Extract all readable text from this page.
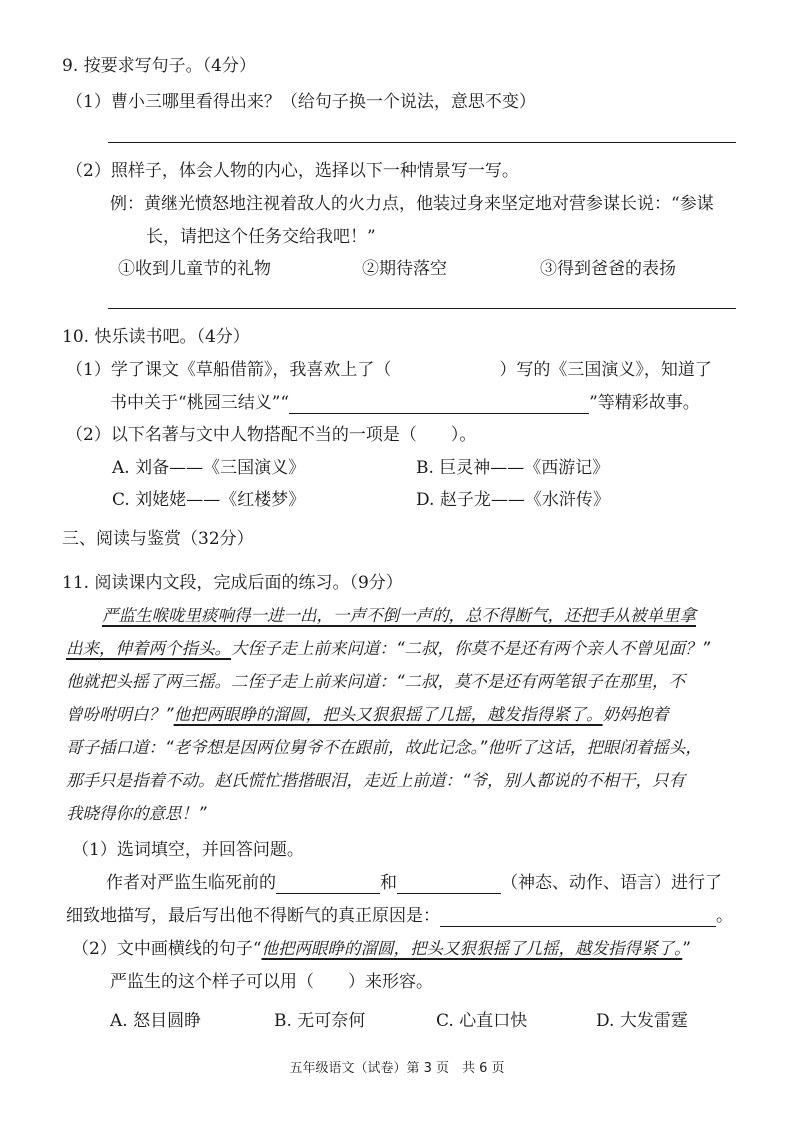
9. 按要求写句子。（4分）
（1）曹小三哪里看得出来？（给句子换一个说法，意思不变）
（2）照样子，体会人物的内心，选择以下一种情景写一写。
例：黄继光愤怒地注视着敌人的火力点，他装过身来坚定地对营参谋长说：“参谋
长，请把这个任务交给我吧！”
①收到儿童节的礼物	②期待落空	③得到爸爸的表扬
10. 快乐读书吧。（4分）
（1）学了课文《草船借箭》，我喜欢上了（	）写的《三国演义》，知道了
书中关于“桃园三结义”“	”等精彩故事。
（2）以下名著与文中人物搭配不当的一项是（　　）。
A. 刘备——《三国演义》	B. 巨灵神——《西游记》
C. 刘姥姥——《红楼梦》	D. 赵子龙——《水浒传》
三、阅读与鉴赏（32分）
11. 阅读课内文段，完成后面的练习。（9分）
严监生喉咙里痰响得一进一出，一声不倒一声的，总不得断气，还把手从被单里拿
出来，伸着两个指头。大侄子走上前来问道：“二叔，你莫不是还有两个亲人不曾见面？”
他就把头摇了两三摇。二侄子走上前来问道：“二叔，莫不是还有两笔银子在那里，不
曾吩咐明白？”他把两眼睁的溜圆，把头又狠狠摇了几摇，越发指得紧了。奶妈抱着
哥子插口道：“老爷想是因两位舅爷不在跟前，故此记念。”他听了这话，把眼闭着摇头，
那手只是指着不动。赵氏慌忙揩揩眼泪，走近上前道：“爷，别人都说的不相干，只有
我晓得你的意思！”
（1）选词填空，并回答问题。
作者对严监生临死前的	和	（神态、动作、语言）进行了
细致地描写，最后写出他不得断气的真正原因是：	。
（2）文中画横线的句子“他把两眼睁的溜圆，把头又狠狠摇了几摇，越发指得紧了。”
严监生的这个样子可以用（　　）来形容。
A. 怒目圆睁	B. 无可奈何	C. 心直口快	D. 大发雷霆
五年级语文（试卷）第 3 页　共 6 页
